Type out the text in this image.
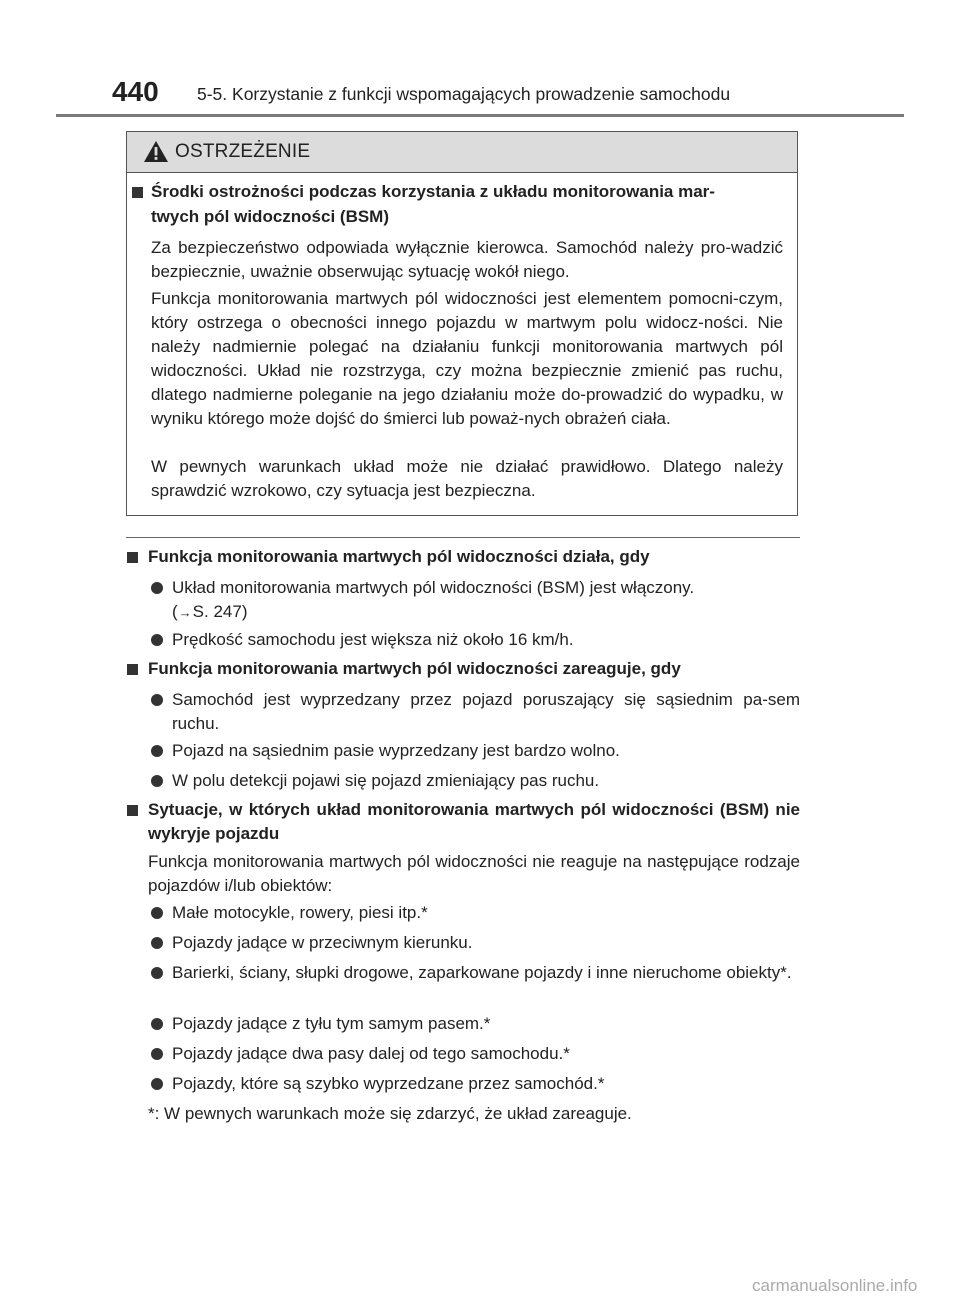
440 5-5. Korzystanie z funkcji wspomagających prowadzenie samochodu
OSTRZEŻENIE

Środki ostrożności podczas korzystania z układu monitorowania mar-

twych pól widoczności (BSM)

Za bezpieczeństwo odpowiada wyłącznie kierowca. Samochód należy pro-wadzić bezpiecznie, uważnie obserwując sytuację wokół niego.

Funkcja monitorowania martwych pól widoczności jest elementem pomocni-czym, który ostrzega o obecności innego pojazdu w martwym polu widocz-ności. Nie należy nadmiernie polegać na działaniu funkcji monitorowania martwych pól widoczności. Układ nie rozstrzyga, czy można bezpiecznie zmienić pas ruchu, dlatego nadmierne poleganie na jego działaniu może do-prowadzić do wypadku, w wyniku którego może dojść do śmierci lub poważ-nych obrażeń ciała.

W pewnych warunkach układ może nie działać prawidłowo. Dlatego należy sprawdzić wzrokowo, czy sytuacja jest bezpieczna.

Funkcja monitorowania martwych pól widoczności działa, gdy

Układ monitorowania martwych pól widoczności (BSM) jest włączony.

(→S. 247)

Prędkość samochodu jest większa niż około 16 km/h.

Funkcja monitorowania martwych pól widoczności zareaguje, gdy

Samochód jest wyprzedzany przez pojazd poruszający się sąsiednim pa-sem ruchu.

Pojazd na sąsiednim pasie wyprzedzany jest bardzo wolno.

W polu detekcji pojawi się pojazd zmieniający pas ruchu.

Sytuacje, w których układ monitorowania martwych pól widoczności (BSM) nie wykryje pojazdu

Funkcja monitorowania martwych pól widoczności nie reaguje na następujące rodzaje pojazdów i/lub obiektów:

Małe motocykle, rowery, piesi itp.*

Pojazdy jadące w przeciwnym kierunku.

Barierki, ściany, słupki drogowe, zaparkowane pojazdy i inne nieruchome obiekty*.

Pojazdy jadące z tyłu tym samym pasem.*

Pojazdy jadące dwa pasy dalej od tego samochodu.*

Pojazdy, które są szybko wyprzedzane przez samochód.*

*: W pewnych warunkach może się zdarzyć, że układ zareaguje.

carmanualsonline.info
